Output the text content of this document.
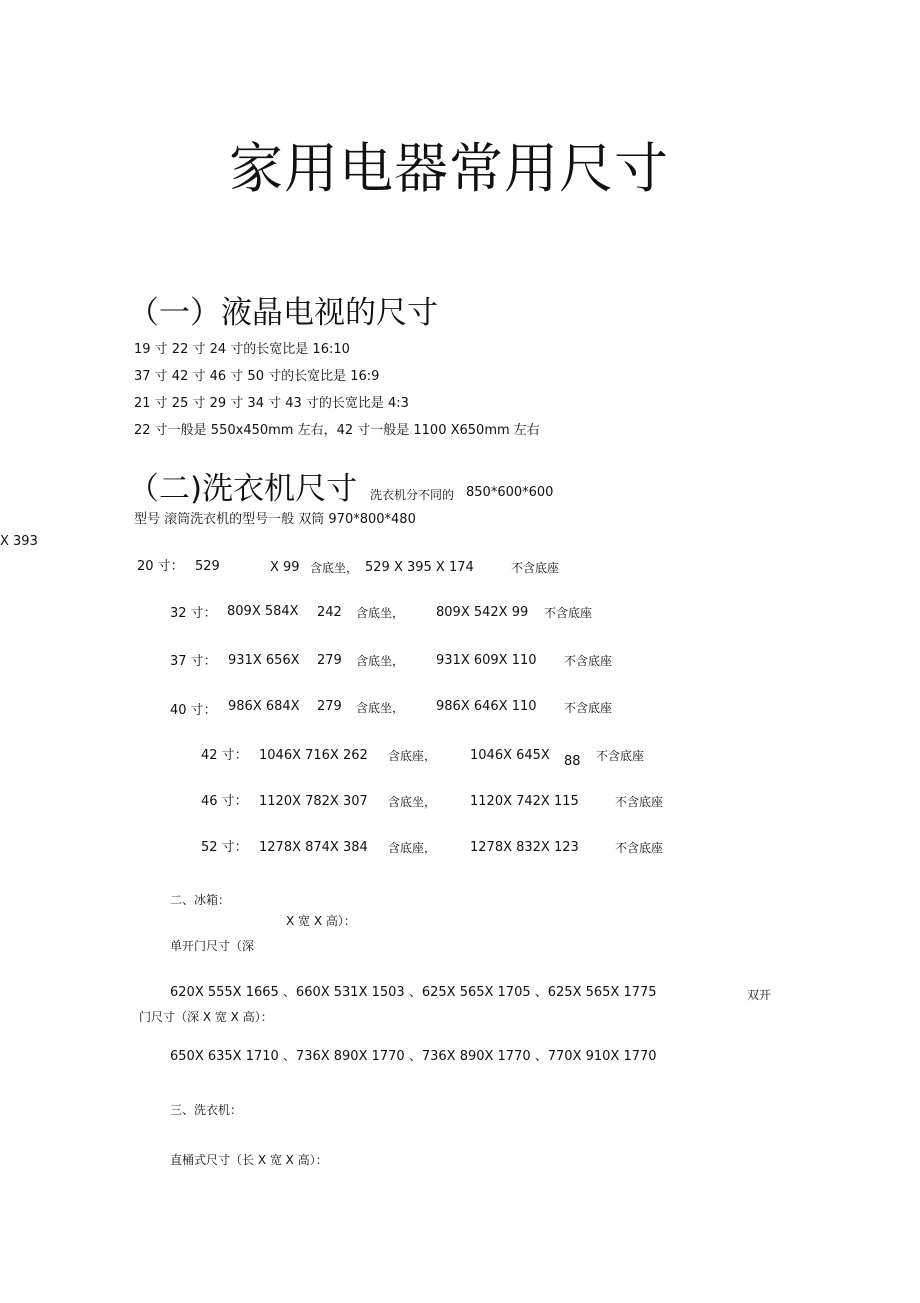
家用电器常用尺寸
（一）液晶电视的尺寸
19 寸 22 寸 24 寸的长宽比是 16:10
37 寸 42 寸 46 寸 50 寸的长宽比是 16:9
21 寸 25 寸 29 寸 34 寸 43 寸的长宽比是 4:3
22 寸一般是 550x450mm 左右，42 寸一般是 1100 X650mm 左右
（二)洗衣机尺寸 洗衣机分不同的 850*600*600
型号 滚筒洗衣机的型号一般 双筒 970*800*480
X 393
20 寸： 529	X 99 含底坐， 529 X 395 X 174	不含底座
32 寸： 809X 584X 242 含底坐， 809X 542X 99 不含底座
37 寸： 931X 656X 279 含底坐， 931X 609X 110 不含底座
40 寸： 986X 684X 279 含底坐， 986X 646X 110 不含底座
42 寸： 1046X 716X 262 含底座，	1046X 645X 88 不含底座
46 寸： 1120X 782X 307 含底坐，	1120X 742X 115	不含底座
52 寸： 1278X 874X 384 含底座，	1278X 832X 123	不含底座
二、冰箱：
X 宽 X 高）：
单开门尺寸（深
620X 555X 1665 、660X 531X 1503 、625X 565X 1705 、625X 565X 1775	双开
门尺寸（深 X 宽 X 高）：
650X 635X 1710 、736X 890X 1770 、736X 890X 1770 、770X 910X 1770
三、洗衣机：
直桶式尺寸（长 X 宽 X 高）：
